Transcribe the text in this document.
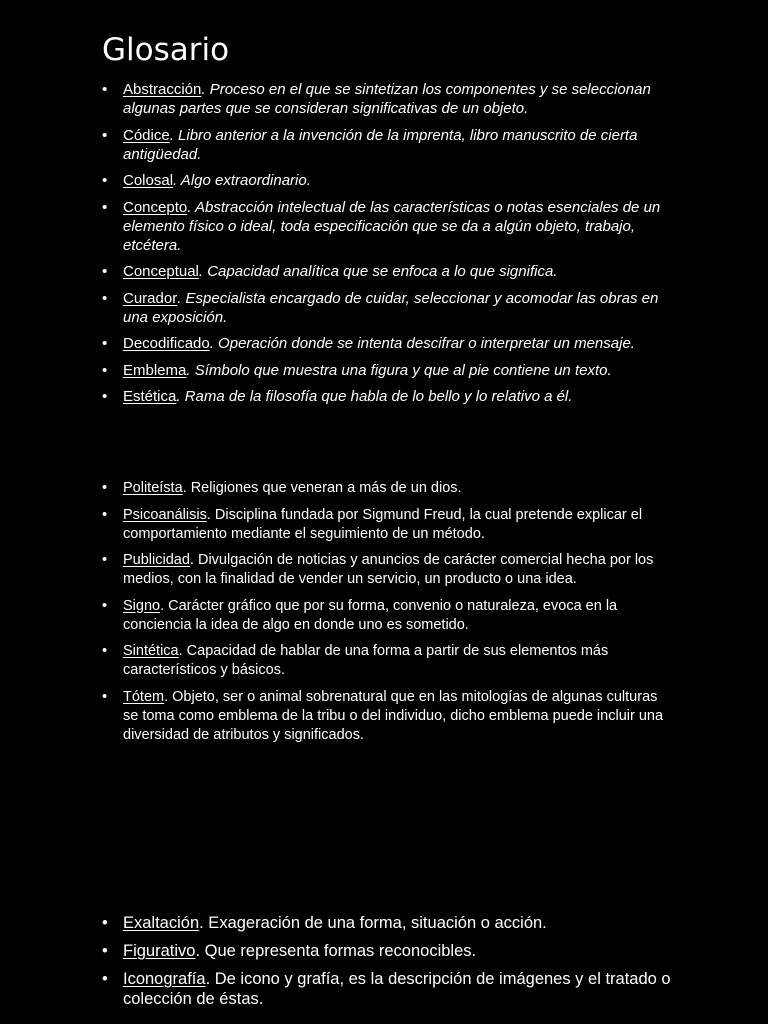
Glosario
• Abstracción. Proceso en el que se sintetizan los componentes y se seleccionan algunas partes que se consideran significativas de un objeto.
• Códice. Libro anterior a la invención de la imprenta, libro manuscrito de cierta antigüedad.
• Colosal. Algo extraordinario.
• Concepto. Abstracción intelectual de las características o notas esenciales de un elemento físico o ideal, toda especificación que se da a algún objeto, trabajo, etcétera.
• Conceptual. Capacidad analítica que se enfoca a lo que significa.
• Curador. Especialista encargado de cuidar, seleccionar y acomodar las obras en una exposición.
• Decodificado. Operación donde se intenta descifrar o interpretar un mensaje.
• Emblema. Símbolo que muestra una figura y que al pie contiene un texto.
• Estética. Rama de la filosofía que habla de lo bello y lo relativo a él.
• Politeísta. Religiones que veneran a más de un dios.
• Psicoanálisis. Disciplina fundada por Sigmund Freud, la cual pretende explicar el comportamiento mediante el seguimiento de un método.
• Publicidad. Divulgación de noticias y anuncios de carácter comercial hecha por los medios, con la finalidad de vender un servicio, un producto o una idea.
• Signo. Carácter gráfico que por su forma, convenio o naturaleza, evoca en la conciencia la idea de algo en donde uno es sometido.
• Sintética. Capacidad de hablar de una forma a partir de sus elementos más característicos y básicos.
• Tótem. Objeto, ser o animal sobrenatural que en las mitologías de algunas culturas se toma como emblema de la tribu o del individuo, dicho emblema puede incluir una diversidad de atributos y significados.
• Exaltación. Exageración de una forma, situación o acción.
• Figurativo. Que representa formas reconocibles.
• Iconografía. De icono y grafía, es la descripción de imágenes y el tratado o colección de éstas.
